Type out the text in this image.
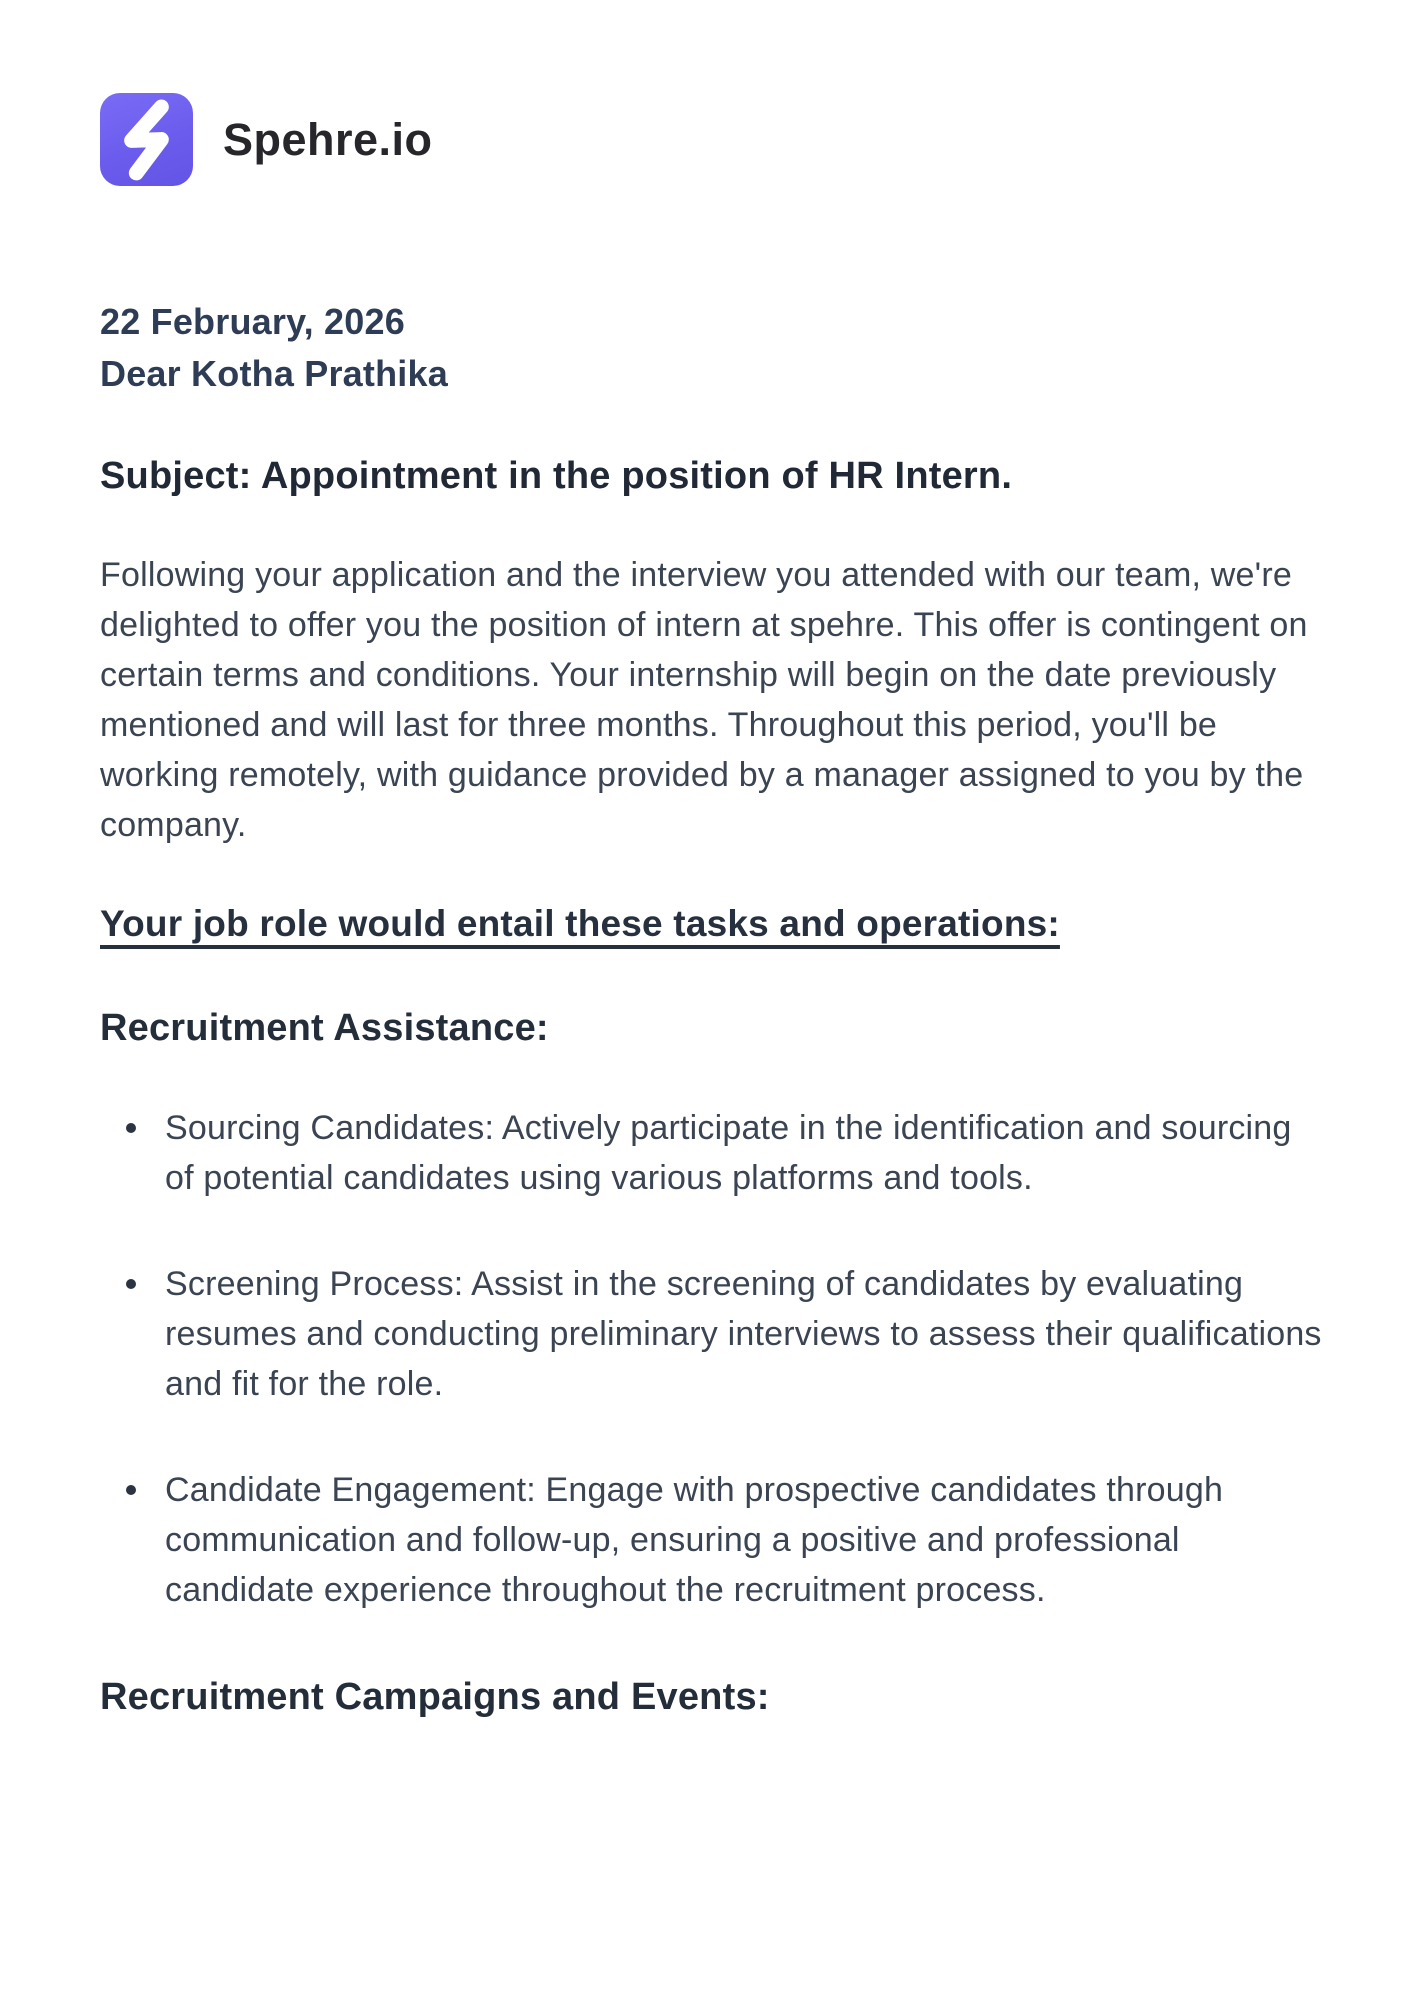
Spehre.io

22 February, 2026

Dear Kotha Prathika

Subject: Appointment in the position of HR Intern.

Following your application and the interview you attended with our team, we're delighted to offer you the position of intern at spehre. This offer is contingent on certain terms and conditions. Your internship will begin on the date previously mentioned and will last for three months. Throughout this period, you'll be working remotely, with guidance provided by a manager assigned to you by the company.

Your job role would entail these tasks and operations:
Recruitment Assistance:
Sourcing Candidates: Actively participate in the identification and sourcing of potential candidates using various platforms and tools.
Screening Process: Assist in the screening of candidates by evaluating resumes and conducting preliminary interviews to assess their qualifications and fit for the role.
Candidate Engagement: Engage with prospective candidates through communication and follow-up, ensuring a positive and professional candidate experience throughout the recruitment process.
Recruitment Campaigns and Events:
